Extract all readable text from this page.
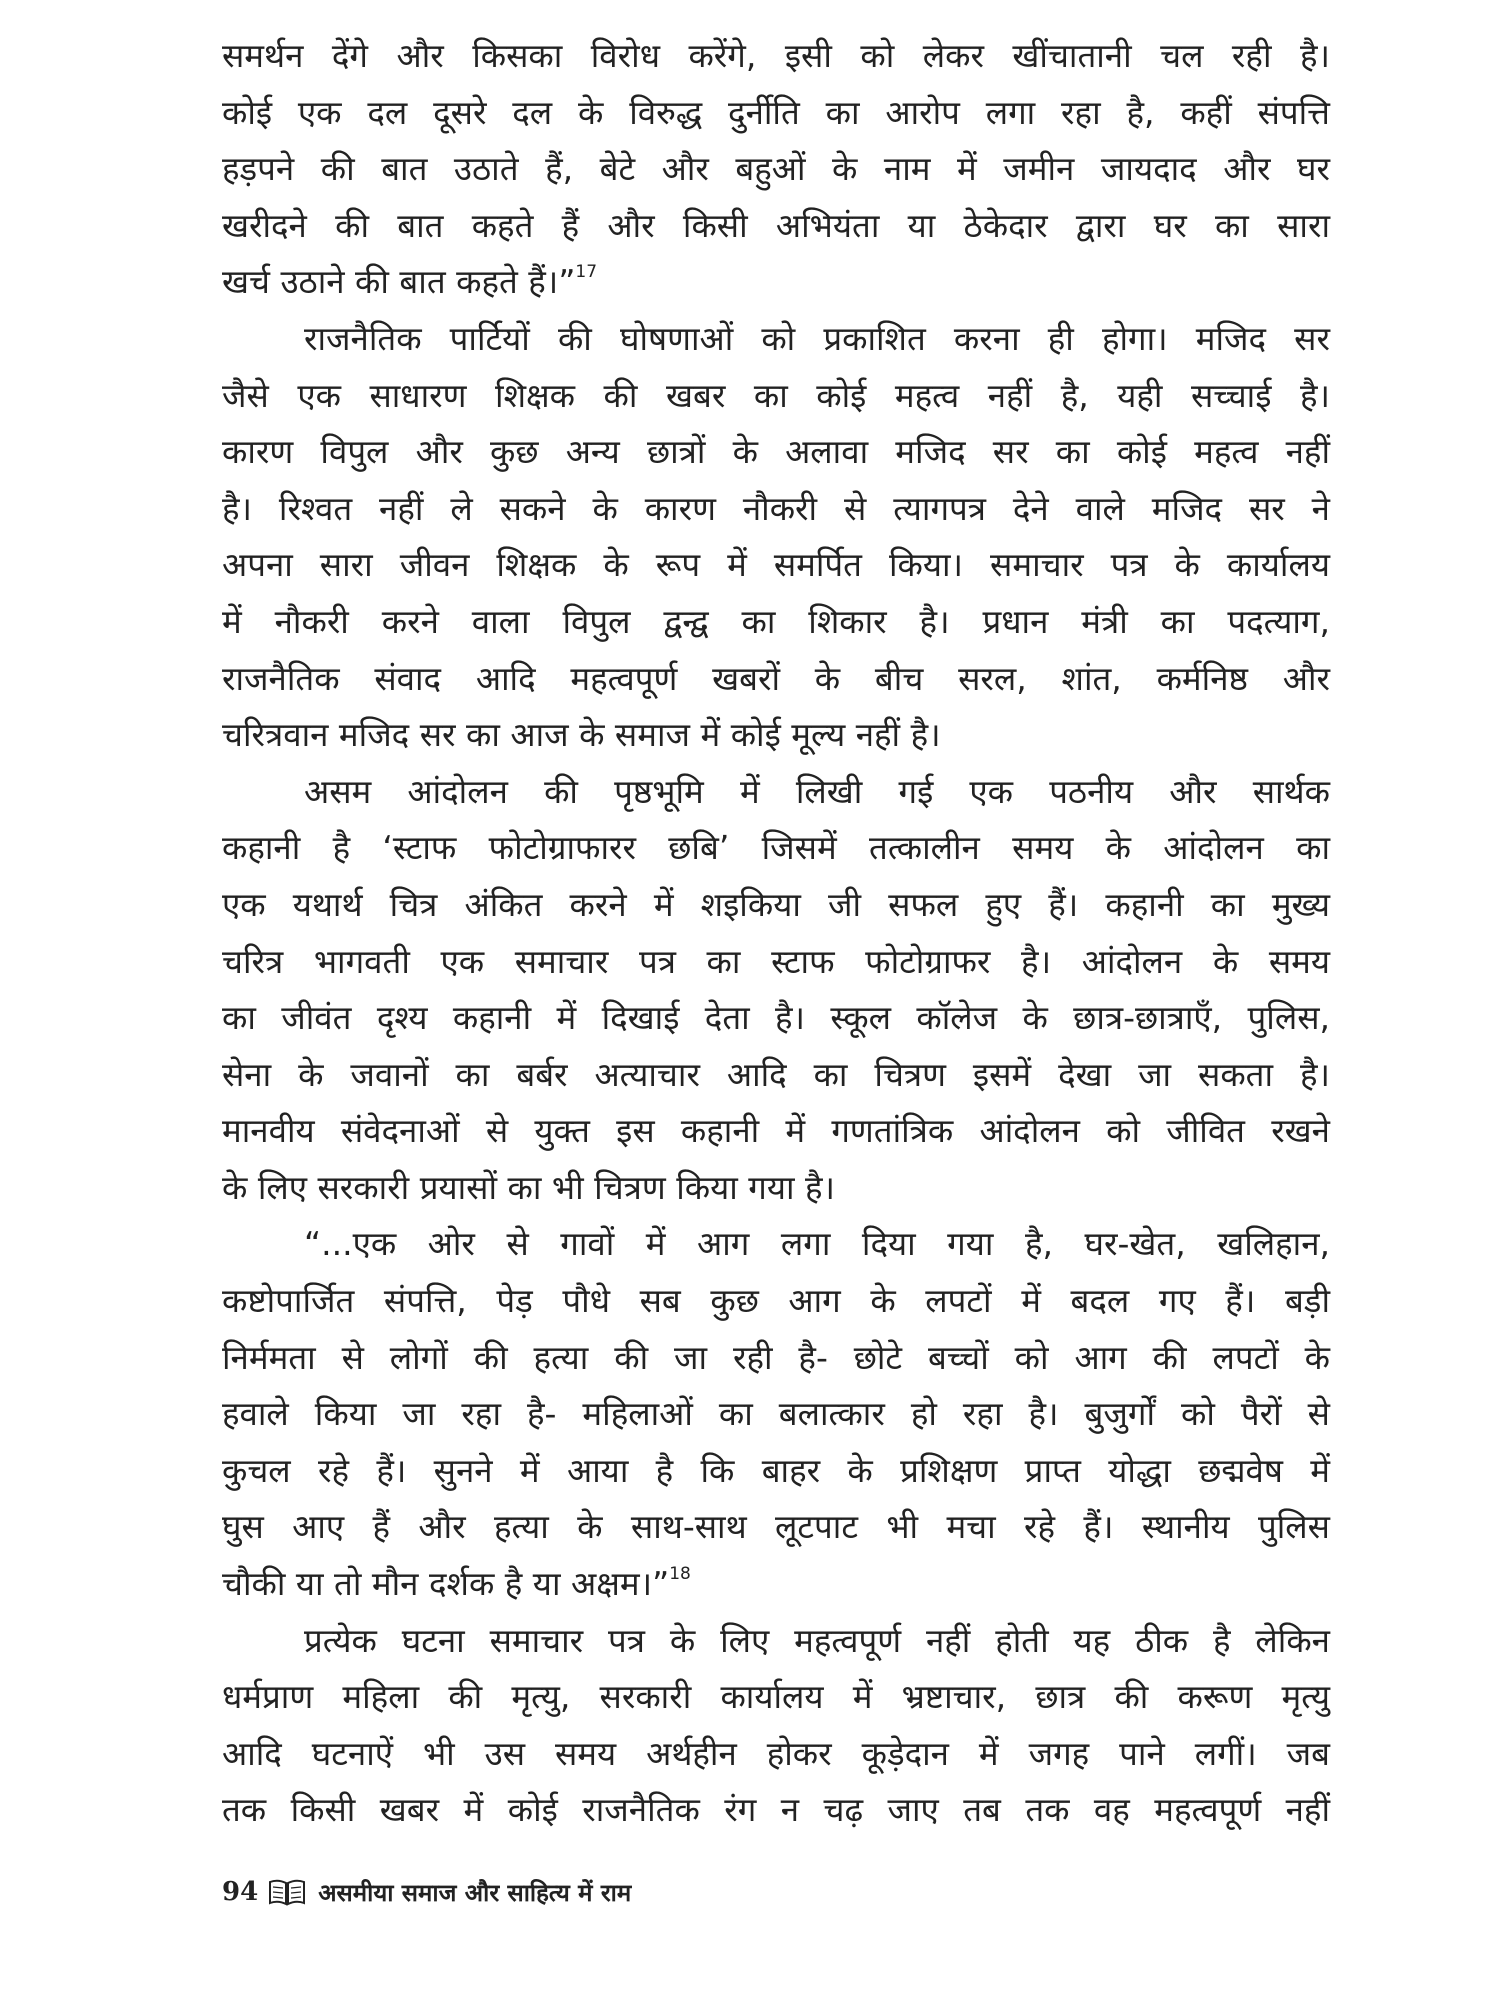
समर्थन देंगे और किसका विरोध करेंगे, इसी को लेकर खींचातानी चल रही है।
कोई एक दल दूसरे दल के विरुद्ध दुर्नीति का आरोप लगा रहा है, कहीं संपत्ति
हड़पने की बात उठाते हैं, बेटे और बहुओं के नाम में जमीन जायदाद और घर
खरीदने की बात कहते हैं और किसी अभियंता या ठेकेदार द्वारा घर का सारा
खर्च उठाने की बात कहते हैं।”$^{17}$
राजनैतिक पार्टियों की घोषणाओं को प्रकाशित करना ही होगा। मजिद सर
जैसे एक साधारण शिक्षक की खबर का कोई महत्व नहीं है, यही सच्चाई है।
कारण विपुल और कुछ अन्य छात्रों के अलावा मजिद सर का कोई महत्व नहीं
है। रिश्वत नहीं ले सकने के कारण नौकरी से त्यागपत्र देने वाले मजिद सर ने
अपना सारा जीवन शिक्षक के रूप में समर्पित किया। समाचार पत्र के कार्यालय
में नौकरी करने वाला विपुल द्वन्द्व का शिकार है। प्रधान मंत्री का पदत्याग,
राजनैतिक संवाद आदि महत्वपूर्ण खबरों के बीच सरल, शांत, कर्मनिष्ठ और
चरित्रवान मजिद सर का आज के समाज में कोई मूल्य नहीं है।
असम आंदोलन की पृष्ठभूमि में लिखी गई एक पठनीय और सार्थक
कहानी है ‘स्टाफ फोटोग्राफारर छबि’ जिसमें तत्कालीन समय के आंदोलन का
एक यथार्थ चित्र अंकित करने में शइकिया जी सफल हुए हैं। कहानी का मुख्य
चरित्र भागवती एक समाचार पत्र का स्टाफ फोटोग्राफर है। आंदोलन के समय
का जीवंत दृश्य कहानी में दिखाई देता है। स्कूल कॉलेज के छात्र-छात्राएँ, पुलिस,
सेना के जवानों का बर्बर अत्याचार आदि का चित्रण इसमें देखा जा सकता है।
मानवीय संवेदनाओं से युक्त इस कहानी में गणतांत्रिक आंदोलन को जीवित रखने
के लिए सरकारी प्रयासों का भी चित्रण किया गया है।
“...एक ओर से गावों में आग लगा दिया गया है, घर-खेत, खलिहान,
कष्टोपार्जित संपत्ति, पेड़ पौधे सब कुछ आग के लपटों में बदल गए हैं। बड़ी
निर्ममता से लोगों की हत्या की जा रही है- छोटे बच्चों को आग की लपटों के
हवाले किया जा रहा है- महिलाओं का बलात्कार हो रहा है। बुजुर्गों को पैरों से
कुचल रहे हैं। सुनने में आया है कि बाहर के प्रशिक्षण प्राप्त योद्धा छद्मवेष में
घुस आए हैं और हत्या के साथ-साथ लूटपाट भी मचा रहे हैं। स्थानीय पुलिस
चौकी या तो मौन दर्शक है या अक्षम।”$^{18}$
प्रत्येक घटना समाचार पत्र के लिए महत्वपूर्ण नहीं होती यह ठीक है लेकिन
धर्मप्राण महिला की मृत्यु, सरकारी कार्यालय में भ्रष्टाचार, छात्र की करूण मृत्यु
आदि घटनाऐं भी उस समय अर्थहीन होकर कूड़ेदान में जगह पाने लगीं। जब
तक किसी खबर में कोई राजनैतिक रंग न चढ़ जाए तब तक वह महत्वपूर्ण नहीं
94	असमीया समाज और साहित्य में राम
